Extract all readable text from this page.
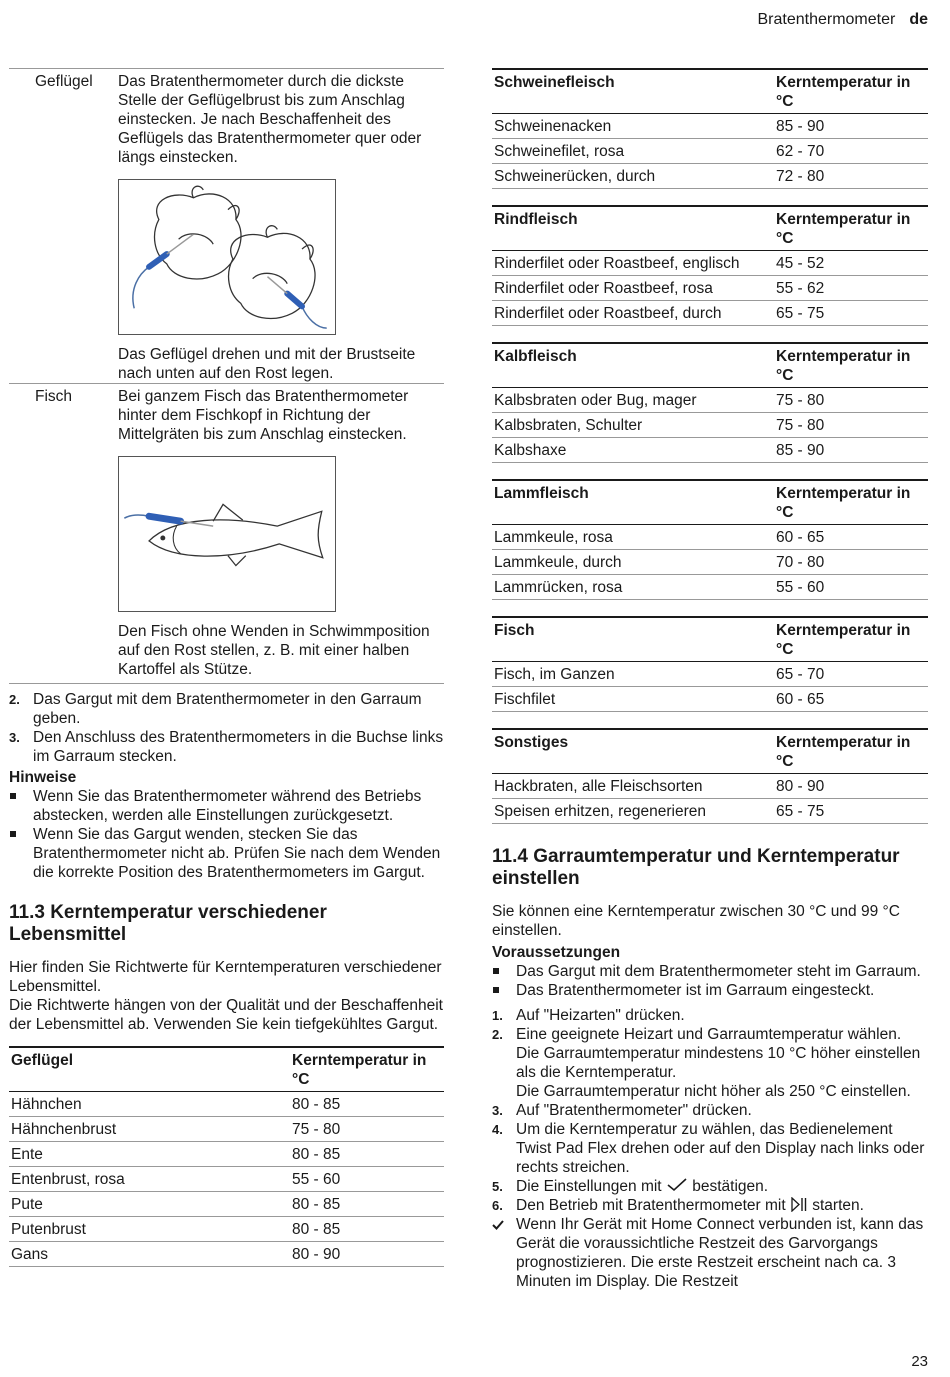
Bratenthermometer de
Geflügel	Das Bratenthermometer durch die dickste Stelle der Geflügelbrust bis zum Anschlag einstecken. Je nach Beschaffenheit des Geflügels das Bratenthermometer quer oder längs einstecken.

Das Geflügel drehen und mit der Brustseite nach unten auf den Rost legen.

Fisch	Bei ganzem Fisch das Bratenthermometer hinter dem Fischkopf in Richtung der Mittelgräten bis zum Anschlag einstecken.

Den Fisch ohne Wenden in Schwimmposition auf den Rost stellen, z. B. mit einer halben Kartoffel als Stütze.

2. Das Gargut mit dem Bratenthermometer in den Garraum geben.
3. Den Anschluss des Bratenthermometers in die Buchse links im Garraum stecken.
Hinweise
Wenn Sie das Bratenthermometer während des Betriebs abstecken, werden alle Einstellungen zurückgesetzt.
Wenn Sie das Gargut wenden, stecken Sie das Bratenthermometer nicht ab. Prüfen Sie nach dem Wenden die korrekte Position des Bratenthermometers im Gargut.
11.3 Kerntemperatur verschiedener Lebensmittel

Hier finden Sie Richtwerte für Kerntemperaturen verschiedener Lebensmittel.

Die Richtwerte hängen von der Qualität und der Beschaffenheit der Lebensmittel ab. Verwenden Sie kein tiefgekühltes Gargut.

Geflügel	Kerntemperatur in °C
Hähnchen	80 - 85
Hähnchenbrust	75 - 80
Ente	80 - 85
Entenbrust, rosa	55 - 60
Pute	80 - 85
Putenbrust	80 - 85
Gans	80 - 90
Schweinefleisch	Kerntemperatur in °C
Schweinenacken	85 - 90
Schweinefilet, rosa	62 - 70
Schweinerücken, durch	72 - 80
Rindfleisch	Kerntemperatur in °C
Rinderfilet oder Roastbeef, englisch	45 - 52
Rinderfilet oder Roastbeef, rosa	55 - 62
Rinderfilet oder Roastbeef, durch	65 - 75
Kalbfleisch	Kerntemperatur in °C
Kalbsbraten oder Bug, mager	75 - 80
Kalbsbraten, Schulter	75 - 80
Kalbshaxe	85 - 90
Lammfleisch	Kerntemperatur in °C
Lammkeule, rosa	60 - 65
Lammkeule, durch	70 - 80
Lammrücken, rosa	55 - 60
Fisch	Kerntemperatur in °C
Fisch, im Ganzen	65 - 70
Fischfilet	60 - 65
Sonstiges	Kerntemperatur in °C
Hackbraten, alle Fleischsorten	80 - 90
Speisen erhitzen, regenerieren	65 - 75
11.4 Garraumtemperatur und Kerntemperatur einstellen

Sie können eine Kerntemperatur zwischen 30 °C und 99 °C einstellen.

Voraussetzungen
Das Gargut mit dem Bratenthermometer steht im Garraum.
Das Bratenthermometer ist im Garraum eingesteckt.
1. Auf "Heizarten" drücken.
2. Eine geeignete Heizart und Garraumtemperatur wählen.
Die Garraumtemperatur mindestens 10 °C höher einstellen als die Kerntemperatur.
Die Garraumtemperatur nicht höher als 250 °C einstellen.
3. Auf "Bratenthermometer" drücken.
4. Um die Kerntemperatur zu wählen, das Bedienelement Twist Pad Flex drehen oder auf den Display nach links oder rechts streichen.
5. Die Einstellungen mit bestätigen.
6. Den Betrieb mit Bratenthermometer mit starten.
Wenn Ihr Gerät mit Home Connect verbunden ist, kann das Gerät die voraussichtliche Restzeit des Garvorgangs prognostizieren. Die erste Restzeit erscheint nach ca. 3 Minuten im Display. Die Restzeit
23
